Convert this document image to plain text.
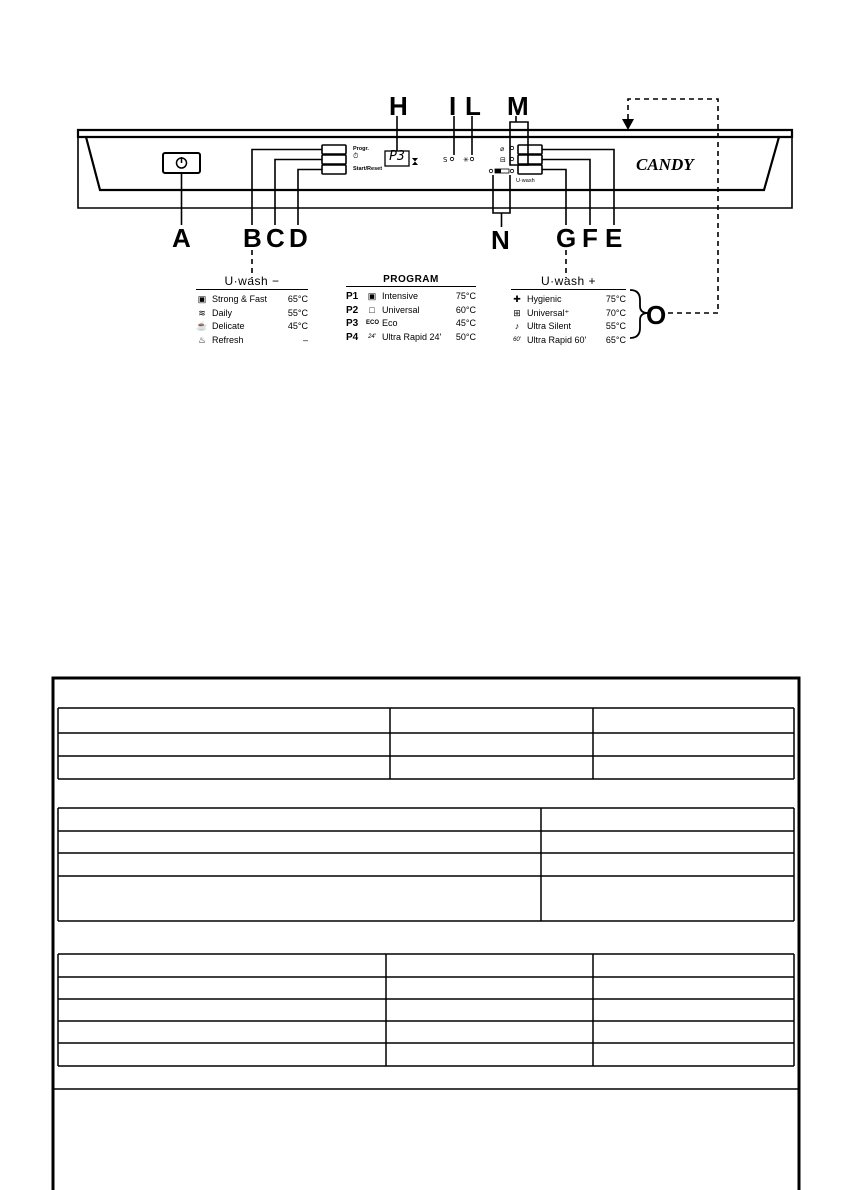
S ✳
⌀
⊟	CANDY
Progr.
Start/Reset
U·wash
⏱ P3
H I L M
A B C D	N G F E
O
U·wash −
▣ Strong & Fast 65°C
≋ Daily	55°C
☕ Delicate	45°C
♨ Refresh	–
PROGRAM
P1 ▣ Intensive	75°C
P2	□ Universal	60°C
P3 ECO Eco	45°C
P4	24' Ultra Rapid 24' 50°C
U·wash +
✚ Hygienic	75°C
⊞ Universal⁺	70°C
♪ Ultra Silent	55°C
60' Ultra Rapid 60' 65°C
